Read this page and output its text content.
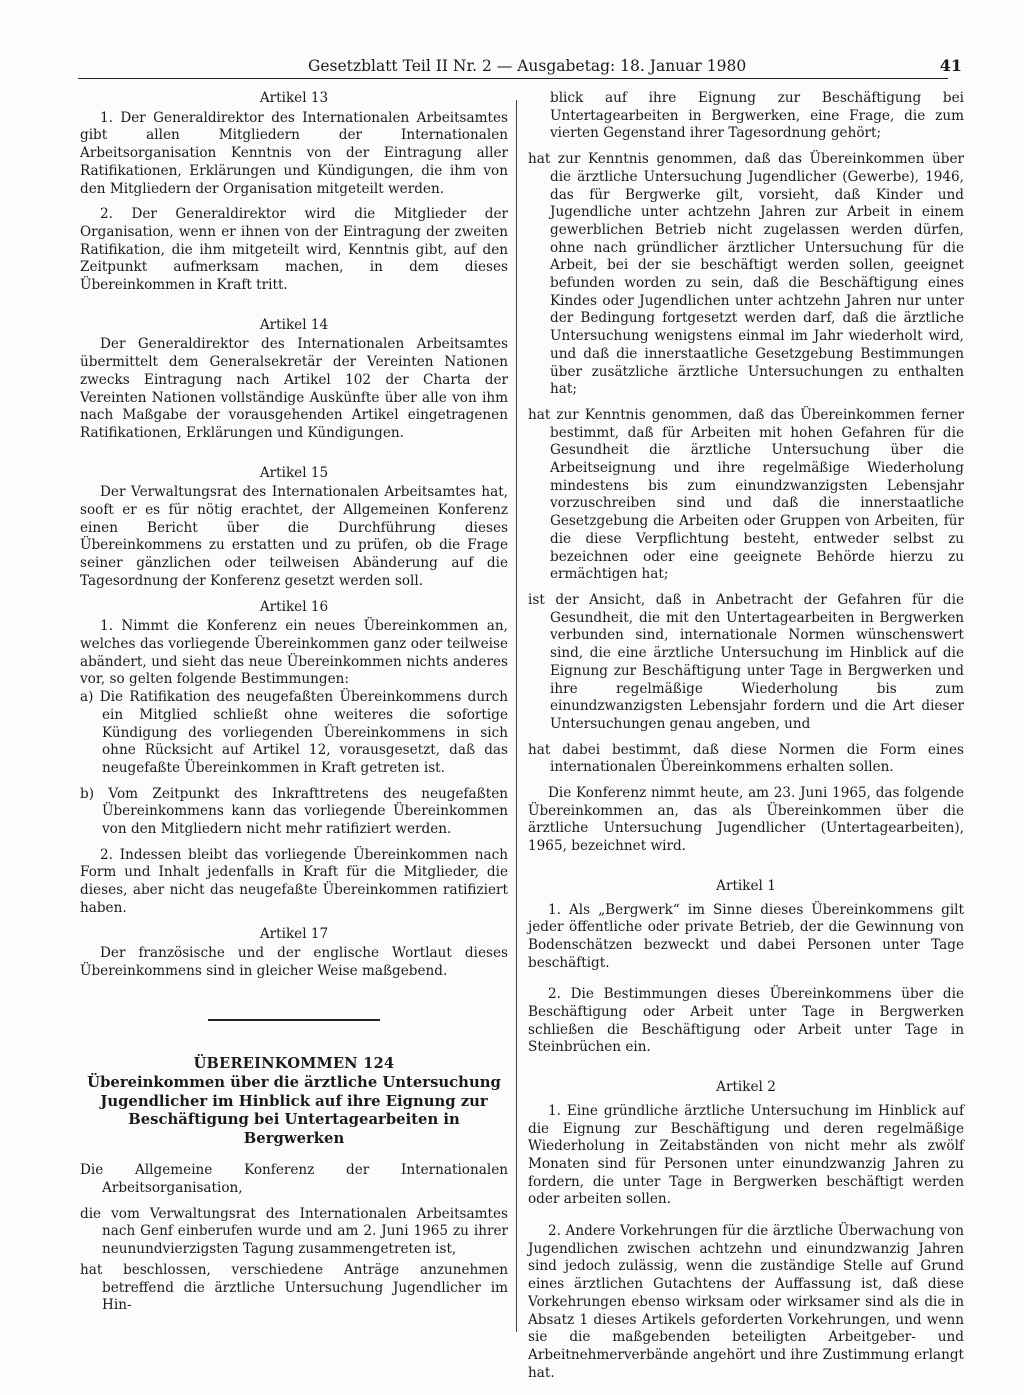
Gesetzblatt Teil II Nr. 2 — Ausgabetag: 18. Januar 1980	41

Artikel 13

1. Der Generaldirektor des Internationalen Arbeitsamtes gibt allen Mitgliedern der Internationalen Arbeitsorganisation Kenntnis von der Eintragung aller Ratifikationen, Erklärungen und Kündigungen, die ihm von den Mitgliedern der Organisation mitgeteilt werden.

2. Der Generaldirektor wird die Mitglieder der Organisation, wenn er ihnen von der Eintragung der zweiten Ratifikation, die ihm mitgeteilt wird, Kenntnis gibt, auf den Zeitpunkt aufmerksam machen, in dem dieses Übereinkommen in Kraft tritt.

Artikel 14

Der Generaldirektor des Internationalen Arbeitsamtes übermittelt dem Generalsekretär der Vereinten Nationen zwecks Eintragung nach Artikel 102 der Charta der Vereinten Nationen vollständige Auskünfte über alle von ihm nach Maßgabe der vorausgehenden Artikel eingetragenen Ratifikationen, Erklärungen und Kündigungen.

Artikel 15

Der Verwaltungsrat des Internationalen Arbeitsamtes hat, sooft er es für nötig erachtet, der Allgemeinen Konferenz einen Bericht über die Durchführung dieses Übereinkommens zu erstatten und zu prüfen, ob die Frage seiner gänzlichen oder teilweisen Abänderung auf die Tagesordnung der Konferenz gesetzt werden soll.

Artikel 16

1. Nimmt die Konferenz ein neues Übereinkommen an, welches das vorliegende Übereinkommen ganz oder teilweise abändert, und sieht das neue Übereinkommen nichts anderes vor, so gelten folgende Bestimmungen:

a) Die Ratifikation des neugefaßten Übereinkommens durch ein Mitglied schließt ohne weiteres die sofortige Kündigung des vorliegenden Übereinkommens in sich ohne Rücksicht auf Artikel 12, vorausgesetzt, daß das neugefaßte Übereinkommen in Kraft getreten ist.

b) Vom Zeitpunkt des Inkrafttretens des neugefaßten Übereinkommens kann das vorliegende Übereinkommen von den Mitgliedern nicht mehr ratifiziert werden.

2. Indessen bleibt das vorliegende Übereinkommen nach Form und Inhalt jedenfalls in Kraft für die Mitglieder, die dieses, aber nicht das neugefaßte Übereinkommen ratifiziert haben.

Artikel 17

Der französische und der englische Wortlaut dieses Übereinkommens sind in gleicher Weise maßgebend.

ÜBEREINKOMMEN 124

Übereinkommen über die ärztliche Untersuchung Jugendlicher im Hinblick auf ihre Eignung zur Beschäftigung bei Untertagearbeiten in Bergwerken

Die Allgemeine Konferenz der Internationalen Arbeitsorganisation,

die vom Verwaltungsrat des Internationalen Arbeitsamtes nach Genf einberufen wurde und am 2. Juni 1965 zu ihrer neunundvierzigsten Tagung zusammengetreten ist,

hat beschlossen, verschiedene Anträge anzunehmen betreffend die ärztliche Untersuchung Jugendlicher im Hin-

blick auf ihre Eignung zur Beschäftigung bei Untertagearbeiten in Bergwerken, eine Frage, die zum vierten Gegenstand ihrer Tagesordnung gehört;

hat zur Kenntnis genommen, daß das Übereinkommen über die ärztliche Untersuchung Jugendlicher (Gewerbe), 1946, das für Bergwerke gilt, vorsieht, daß Kinder und Jugendliche unter achtzehn Jahren zur Arbeit in einem gewerblichen Betrieb nicht zugelassen werden dürfen, ohne nach gründlicher ärztlicher Untersuchung für die Arbeit, bei der sie beschäftigt werden sollen, geeignet befunden worden zu sein, daß die Beschäftigung eines Kindes oder Jugendlichen unter achtzehn Jahren nur unter der Bedingung fortgesetzt werden darf, daß die ärztliche Untersuchung wenigstens einmal im Jahr wiederholt wird, und daß die innerstaatliche Gesetzgebung Bestimmungen über zusätzliche ärztliche Untersuchungen zu enthalten hat;

hat zur Kenntnis genommen, daß das Übereinkommen ferner bestimmt, daß für Arbeiten mit hohen Gefahren für die Gesundheit die ärztliche Untersuchung über die Arbeitseignung und ihre regelmäßige Wiederholung mindestens bis zum einundzwanzigsten Lebensjahr vorzuschreiben sind und daß die innerstaatliche Gesetzgebung die Arbeiten oder Gruppen von Arbeiten, für die diese Verpflichtung besteht, entweder selbst zu bezeichnen oder eine geeignete Behörde hierzu zu ermächtigen hat;

ist der Ansicht, daß in Anbetracht der Gefahren für die Gesundheit, die mit den Untertagearbeiten in Bergwerken verbunden sind, internationale Normen wünschenswert sind, die eine ärztliche Untersuchung im Hinblick auf die Eignung zur Beschäftigung unter Tage in Bergwerken und ihre regelmäßige Wiederholung bis zum einundzwanzigsten Lebensjahr fordern und die Art dieser Untersuchungen genau angeben, und

hat dabei bestimmt, daß diese Normen die Form eines internationalen Übereinkommens erhalten sollen.

Die Konferenz nimmt heute, am 23. Juni 1965, das folgende Übereinkommen an, das als Übereinkommen über die ärztliche Untersuchung Jugendlicher (Untertagearbeiten), 1965, bezeichnet wird.

Artikel 1

1. Als „Bergwerk“ im Sinne dieses Übereinkommens gilt jeder öffentliche oder private Betrieb, der die Gewinnung von Bodenschätzen bezweckt und dabei Personen unter Tage beschäftigt.

2. Die Bestimmungen dieses Übereinkommens über die Beschäftigung oder Arbeit unter Tage in Bergwerken schließen die Beschäftigung oder Arbeit unter Tage in Steinbrüchen ein.

Artikel 2

1. Eine gründliche ärztliche Untersuchung im Hinblick auf die Eignung zur Beschäftigung und deren regelmäßige Wiederholung in Zeitabständen von nicht mehr als zwölf Monaten sind für Personen unter einundzwanzig Jahren zu fordern, die unter Tage in Bergwerken beschäftigt werden oder arbeiten sollen.

2. Andere Vorkehrungen für die ärztliche Überwachung von Jugendlichen zwischen achtzehn und einundzwanzig Jahren sind jedoch zulässig, wenn die zuständige Stelle auf Grund eines ärztlichen Gutachtens der Auffassung ist, daß diese Vorkehrungen ebenso wirksam oder wirksamer sind als die in Absatz 1 dieses Artikels geforderten Vorkehrungen, und wenn sie die maßgebenden beteiligten Arbeitgeber- und Arbeitnehmerverbände angehört und ihre Zustimmung erlangt hat.
